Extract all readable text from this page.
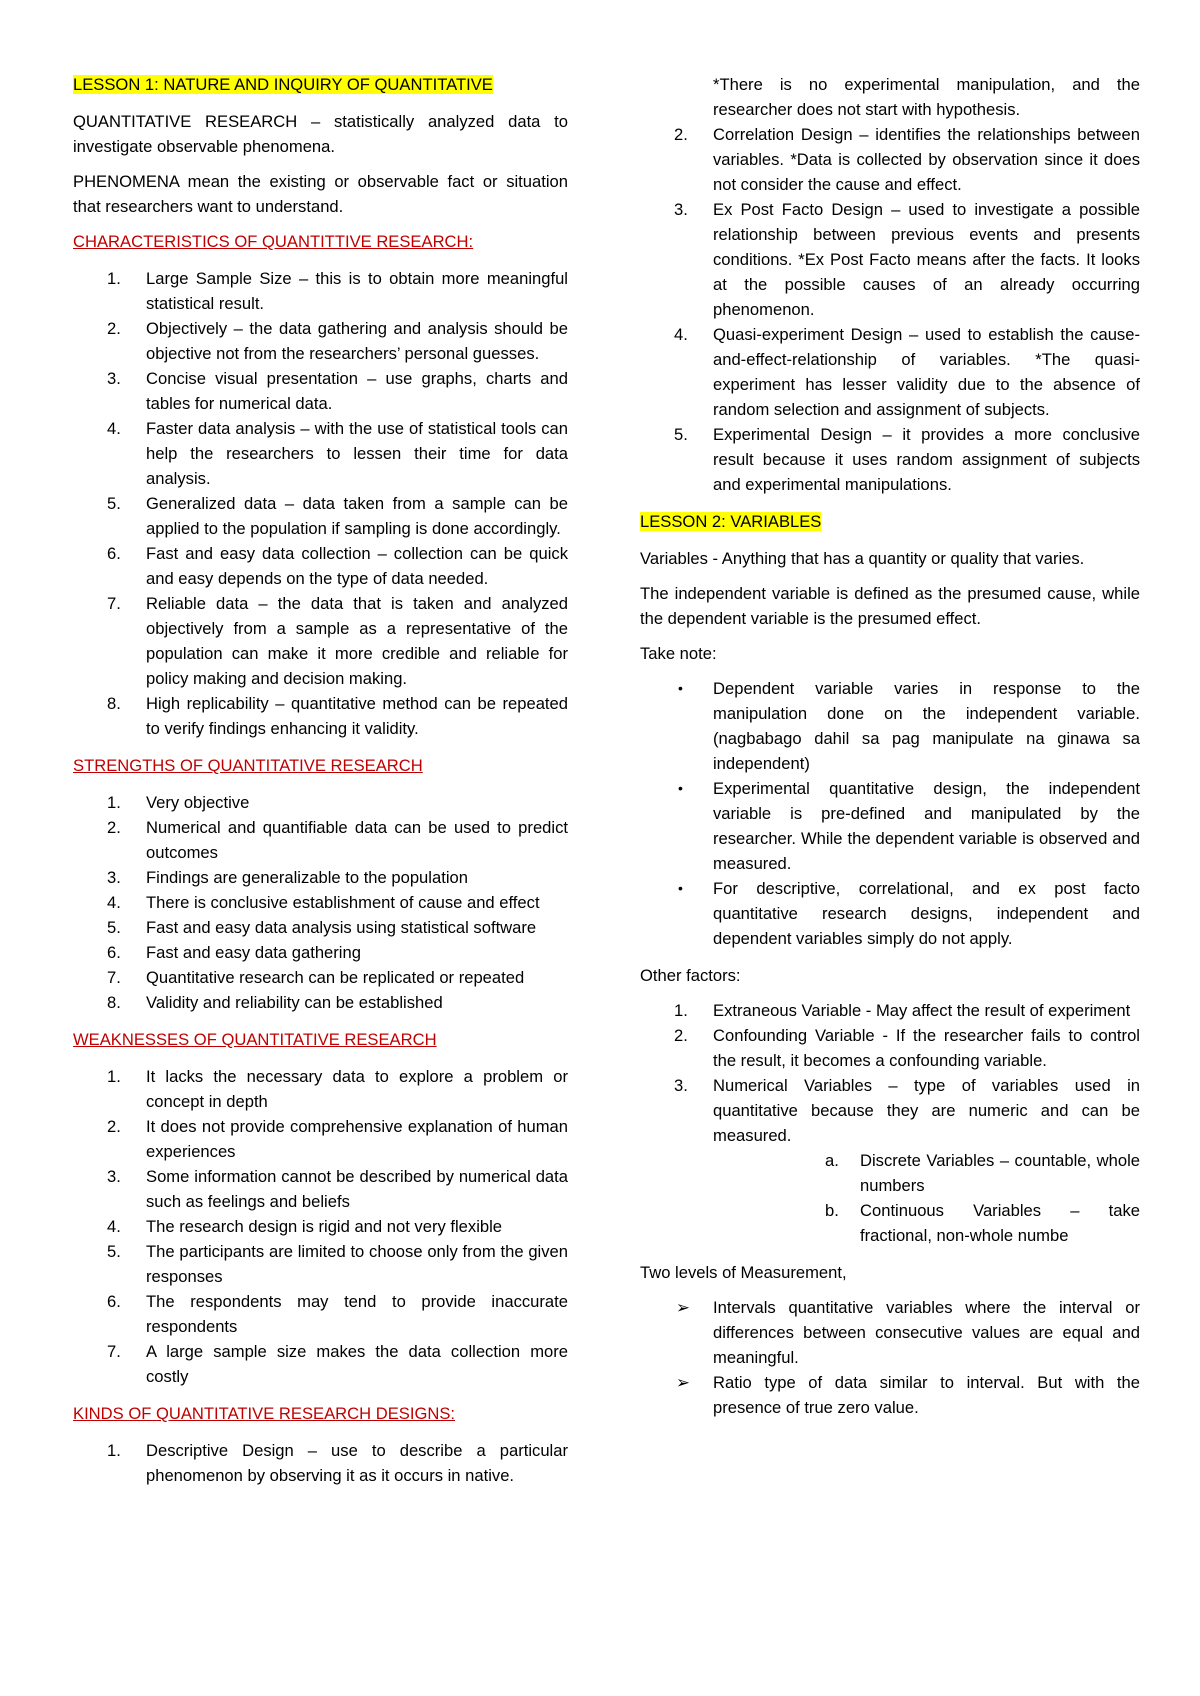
LESSON 1: NATURE AND INQUIRY OF QUANTITATIVE

QUANTITATIVE RESEARCH – statistically analyzed data to investigate observable phenomena.

PHENOMENA mean the existing or observable fact or situation that researchers want to understand.

CHARACTERISTICS OF QUANTITTIVE RESEARCH:

1. Large Sample Size – this is to obtain more meaningful statistical result.
2. Objectively – the data gathering and analysis should be objective not from the researchers’ personal guesses.
3. Concise visual presentation – use graphs, charts and tables for numerical data.
4. Faster data analysis – with the use of statistical tools can help the researchers to lessen their time for data analysis.
5. Generalized data – data taken from a sample can be applied to the population if sampling is done accordingly.
6. Fast and easy data collection – collection can be quick and easy depends on the type of data needed.
7. Reliable data – the data that is taken and analyzed objectively from a sample as a representative of the population can make it more credible and reliable for policy making and decision making.
8. High replicability – quantitative method can be repeated to verify findings enhancing it validity.

STRENGTHS OF QUANTITATIVE RESEARCH

1. Very objective
2. Numerical and quantifiable data can be used to predict outcomes
3. Findings are generalizable to the population
4. There is conclusive establishment of cause and effect
5. Fast and easy data analysis using statistical software
6. Fast and easy data gathering
7. Quantitative research can be replicated or repeated
8. Validity and reliability can be established

WEAKNESSES OF QUANTITATIVE RESEARCH

1. It lacks the necessary data to explore a problem or concept in depth
2. It does not provide comprehensive explanation of human experiences
3. Some information cannot be described by numerical data such as feelings and beliefs
4. The research design is rigid and not very flexible
5. The participants are limited to choose only from the given responses
6. The respondents may tend to provide inaccurate respondents
7. A large sample size makes the data collection more costly

KINDS OF QUANTITATIVE RESEARCH DESIGNS:

1. Descriptive Design – use to describe a particular phenomenon by observing it as it occurs in native.

*There is no experimental manipulation, and the researcher does not start with hypothesis.

2. Correlation Design – identifies the relationships between variables. *Data is collected by observation since it does not consider the cause and effect.
3. Ex Post Facto Design – used to investigate a possible relationship between previous events and presents conditions. *Ex Post Facto means after the facts. It looks at the possible causes of an already occurring phenomenon.
4. Quasi-experiment Design – used to establish the cause-and-effect-relationship of variables. *The quasi-experiment has lesser validity due to the absence of random selection and assignment of subjects.
5. Experimental Design – it provides a more conclusive result because it uses random assignment of subjects and experimental manipulations.

LESSON 2: VARIABLES

Variables - Anything that has a quantity or quality that varies.

The independent variable is defined as the presumed cause, while the dependent variable is the presumed effect.

Take note:

• Dependent variable varies in response to the manipulation done on the independent variable. (nagbabago dahil sa pag manipulate na ginawa sa independent)
• Experimental quantitative design, the independent variable is pre-defined and manipulated by the researcher. While the dependent variable is observed and measured.
• For descriptive, correlational, and ex post facto quantitative research designs, independent and dependent variables simply do not apply.

Other factors:

1. Extraneous Variable - May affect the result of experiment
2. Confounding Variable - If the researcher fails to control the result, it becomes a confounding variable.
3. Numerical Variables – type of variables used in quantitative because they are numeric and can be measured.
a. Discrete Variables – countable, whole numbers
b. Continuous Variables – take fractional, non-whole numbe

Two levels of Measurement,

➢ Intervals quantitative variables where the interval or differences between consecutive values are equal and meaningful.
➢ Ratio type of data similar to interval. But with the presence of true zero value.
